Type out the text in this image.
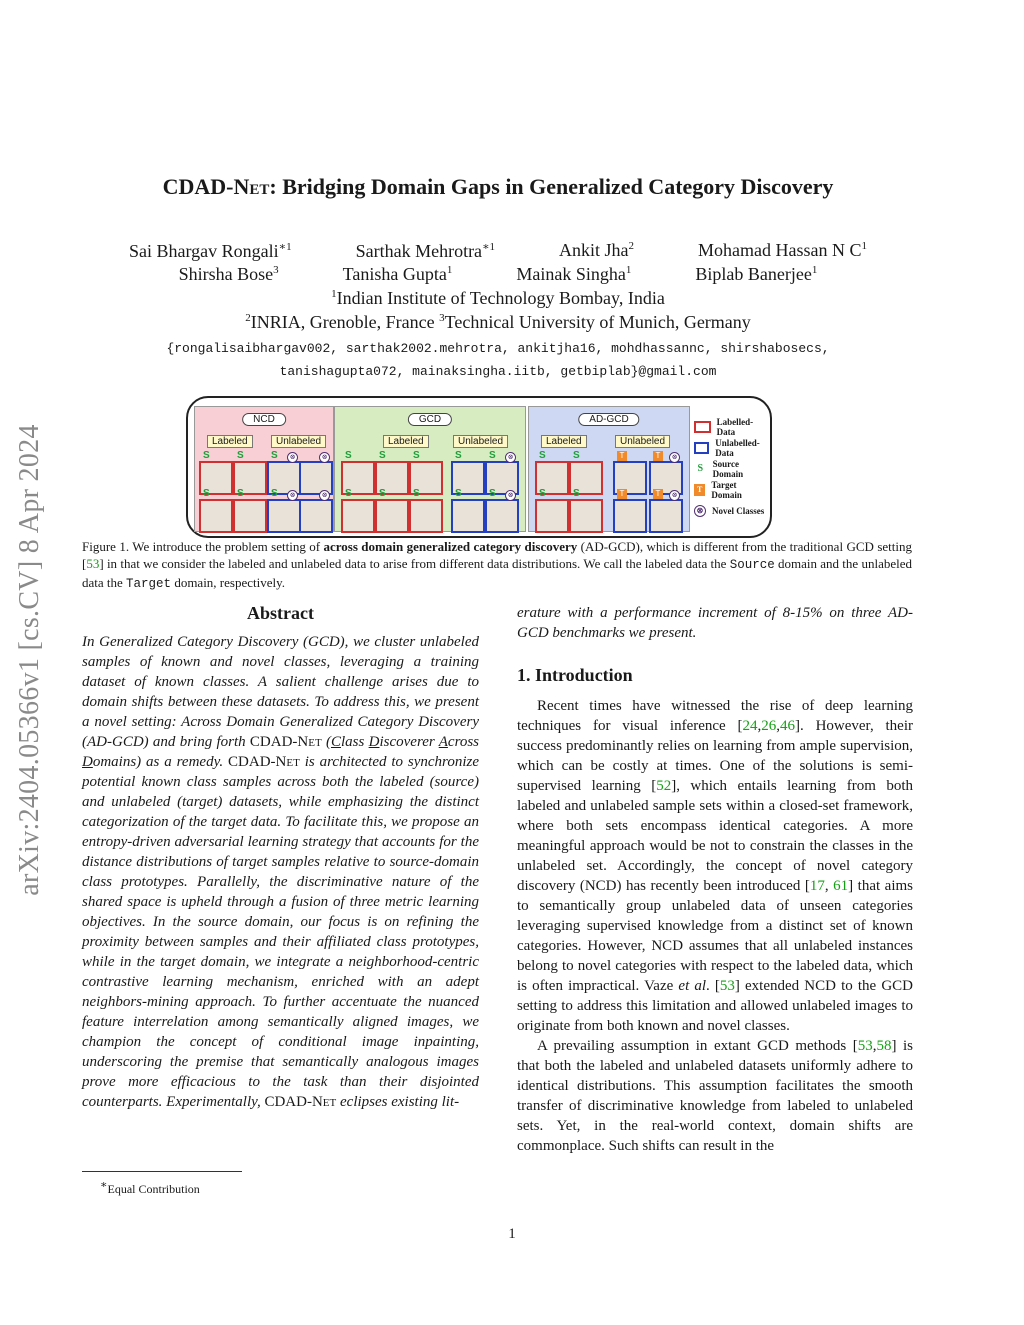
arXiv:2404.05366v1 [cs.CV] 8 Apr 2024
CDAD-Net: Bridging Domain Gaps in Generalized Category Discovery
Sai Bhargav Rongali$^{∗1}$	Sarthak Mehrotra$^{∗1}$	Ankit Jha$^2$	Mohamad Hassan N $C^1$
Shirsha Bose$^3$	Tanisha Gupta$^1$	Mainak Singha$^1$	Biplab Banerjee$^1$
$^1$Indian Institute of Technology Bombay, India
$^2$INRIA, Grenoble, France $^3$Technical University of Munich, Germany
{rongalisaibhargav002, sarthak2002.mehrotra, ankitjha16, mohdhassannc, shirshabosecs,
tanishagupta072, mainaksingha.iitb, getbiplab}@gmail.com
NCD
Labeled	Unlabeled
S	S	S	⊗	⊗
S	S	S	⊗	⊗
GCD
Labeled	Unlabeled
S	S	S	S	S	⊗
S	S	S	S	S	⊗
AD-GCD
Labeled	Unlabeled
S	S	T	T	⊗
S	S	T	T	⊗
Labelled-Data
Unlabelled-Data
S	Source Domain
T	Target Domain
⊗ Novel Classes
Figure 1. We introduce the problem setting of across domain generalized category discovery (AD-GCD), which is different from the traditional GCD setting [53] in that we consider the labeled and unlabeled data to arise from different data distributions. We call the labeled data the Source domain and the unlabeled data the Target domain, respectively.
Abstract

In Generalized Category Discovery (GCD), we cluster unlabeled samples of known and novel classes, leveraging a training dataset of known classes. A salient challenge arises due to domain shifts between these datasets. To address this, we present a novel setting: Across Domain Generalized Category Discovery (AD-GCD) and bring forth CDAD-Net (Class Discoverer Across Domains) as a remedy. CDAD-Net is architected to synchronize potential known class samples across both the labeled (source) and unlabeled (target) datasets, while emphasizing the distinct categorization of the target data. To facilitate this, we propose an entropy-driven adversarial learning strategy that accounts for the distance distributions of target samples relative to source-domain class prototypes. Parallelly, the discriminative nature of the shared space is upheld through a fusion of three metric learning objectives. In the source domain, our focus is on refining the proximity between samples and their affiliated class prototypes, while in the target domain, we integrate a neighborhood-centric contrastive learning mechanism, enriched with an adept neighbors-mining approach. To further accentuate the nuanced feature interrelation among semantically aligned images, we champion the concept of conditional image inpainting, underscoring the premise that semantically analogous images prove more efficacious to the task than their disjointed counterparts. Experimentally, CDAD-Net eclipses existing lit-

erature with a performance increment of 8-15% on three AD-GCD benchmarks we present.

1. Introduction

Recent times have witnessed the rise of deep learning techniques for visual inference [24,26,46]. However, their success predominantly relies on learning from ample supervision, which can be costly at times. One of the solutions is semi-supervised learning [52], which entails learning from both labeled and unlabeled sample sets within a closed-set framework, where both sets encompass identical categories. A more meaningful approach would be not to constrain the classes in the unlabeled set. Accordingly, the concept of novel category discovery (NCD) has recently been introduced [17, 61] that aims to semantically group unlabeled data of unseen categories leveraging supervised knowledge from a distinct set of known categories. However, NCD assumes that all unlabeled instances belong to novel categories with respect to the labeled data, which is often impractical. Vaze et al. [53] extended NCD to the GCD setting to address this limitation and allowed unlabeled images to originate from both known and novel classes.

A prevailing assumption in extant GCD methods [53,58] is that both the labeled and unlabeled datasets uniformly adhere to identical distributions. This assumption facilitates the smooth transfer of discriminative knowledge from labeled to unlabeled sets. Yet, in the real-world context, domain shifts are commonplace. Such shifts can result in the

∗Equal Contribution
1
